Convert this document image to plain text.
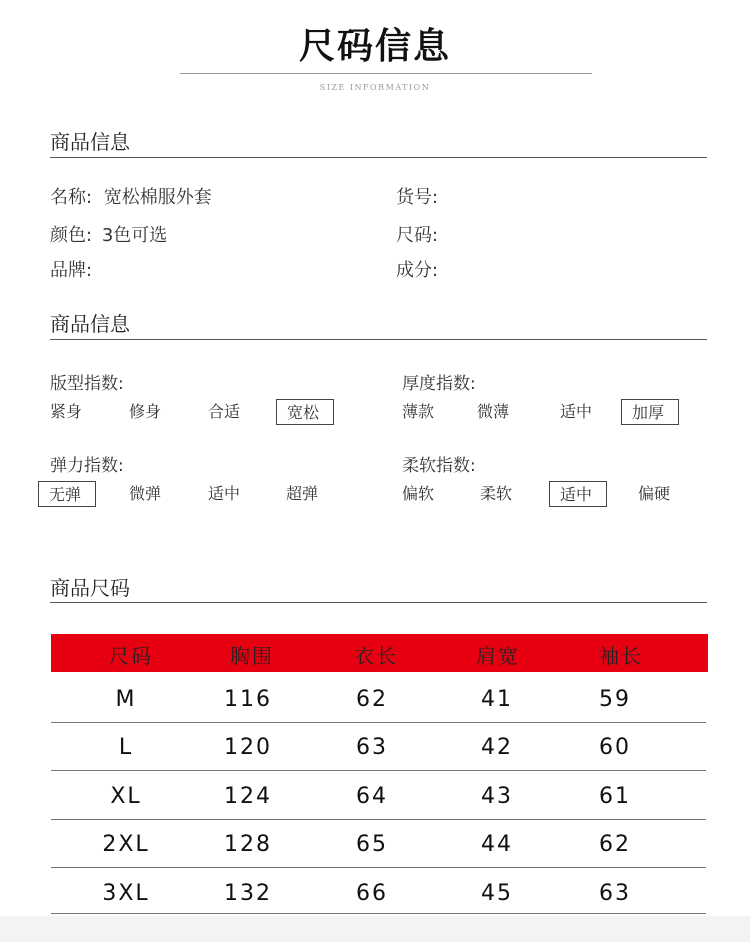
尺码信息
SIZE INFORMATION
商品信息
名称: 宽松棉服外套	货号:
颜色: 3色可选	尺码:
品牌:	成分:
商品信息
版型指数:	厚度指数:
紧身	修身	合适	宽松	薄款	微薄	适中	加厚
弹力指数:	柔软指数:
无弹	微弹	适中	超弹	偏软	柔软	适中	偏硬
商品尺码
尺码	胸围	衣长	肩宽	袖长
M	116	62	41	59
L	120	63	42	60
XL	124	64	43	61
2XL	128	65	44	62
3XL	132	66	45	63
